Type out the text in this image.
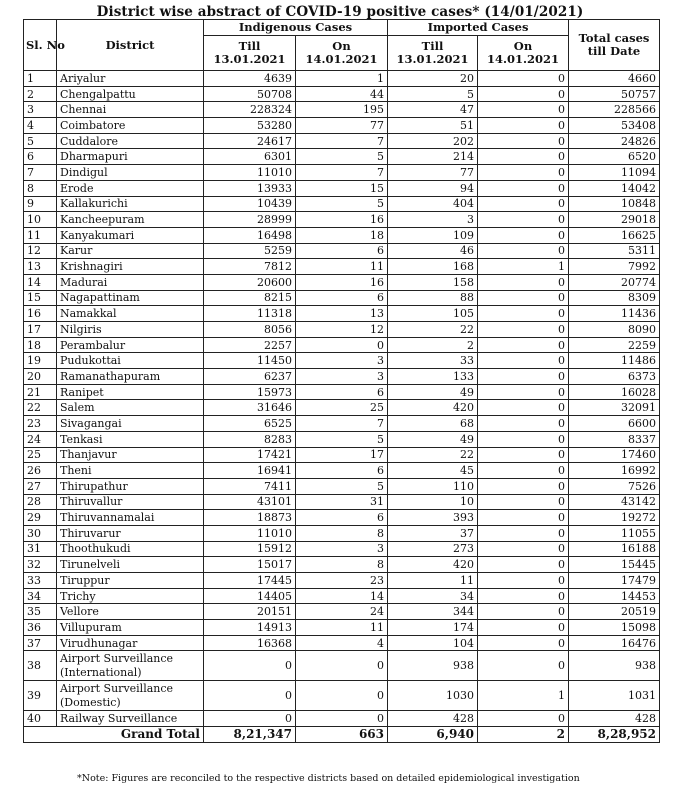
District wise abstract of COVID-19 positive cases* (14/01/2021)
Sl. No	District	Indigenous Cases		Imported Cases		Total cases till Date
		Till 13.01.2021	On 14.01.2021	Till 13.01.2021	On 14.01.2021	
1	Ariyalur	4639	1	20	0	4660
2	Chengalpattu	50708	44	5	0	50757
3	Chennai	228324	195	47	0	228566
4	Coimbatore	53280	77	51	0	53408
5	Cuddalore	24617	7	202	0	24826
6	Dharmapuri	6301	5	214	0	6520
7	Dindigul	11010	7	77	0	11094
8	Erode	13933	15	94	0	14042
9	Kallakurichi	10439	5	404	0	10848
10	Kancheepuram	28999	16	3	0	29018
11	Kanyakumari	16498	18	109	0	16625
12	Karur	5259	6	46	0	5311
13	Krishnagiri	7812	11	168	1	7992
14	Madurai	20600	16	158	0	20774
15	Nagapattinam	8215	6	88	0	8309
16	Namakkal	11318	13	105	0	11436
17	Nilgiris	8056	12	22	0	8090
18	Perambalur	2257	0	2	0	2259
19	Pudukottai	11450	3	33	0	11486
20	Ramanathapuram	6237	3	133	0	6373
21	Ranipet	15973	6	49	0	16028
22	Salem	31646	25	420	0	32091
23	Sivagangai	6525	7	68	0	6600
24	Tenkasi	8283	5	49	0	8337
25	Thanjavur	17421	17	22	0	17460
26	Theni	16941	6	45	0	16992
27	Thirupathur	7411	5	110	0	7526
28	Thiruvallur	43101	31	10	0	43142
29	Thiruvannamalai	18873	6	393	0	19272
30	Thiruvarur	11010	8	37	0	11055
31	Thoothukudi	15912	3	273	0	16188
32	Tirunelveli	15017	8	420	0	15445
33	Tiruppur	17445	23	11	0	17479
34	Trichy	14405	14	34	0	14453
35	Vellore	20151	24	344	0	20519
36	Villupuram	14913	11	174	0	15098
37	Virudhunagar	16368	4	104	0	16476
38	Airport Surveillance (International)	0	0	938	0	938
39	Airport Surveillance (Domestic)	0	0	1030	1	1031
40	Railway Surveillance	0	0	428	0	428
Grand Total		8,21,347	663	6,940	2	8,28,952
*Note: Figures are reconciled to the respective districts based on detailed epidemiological investigation
